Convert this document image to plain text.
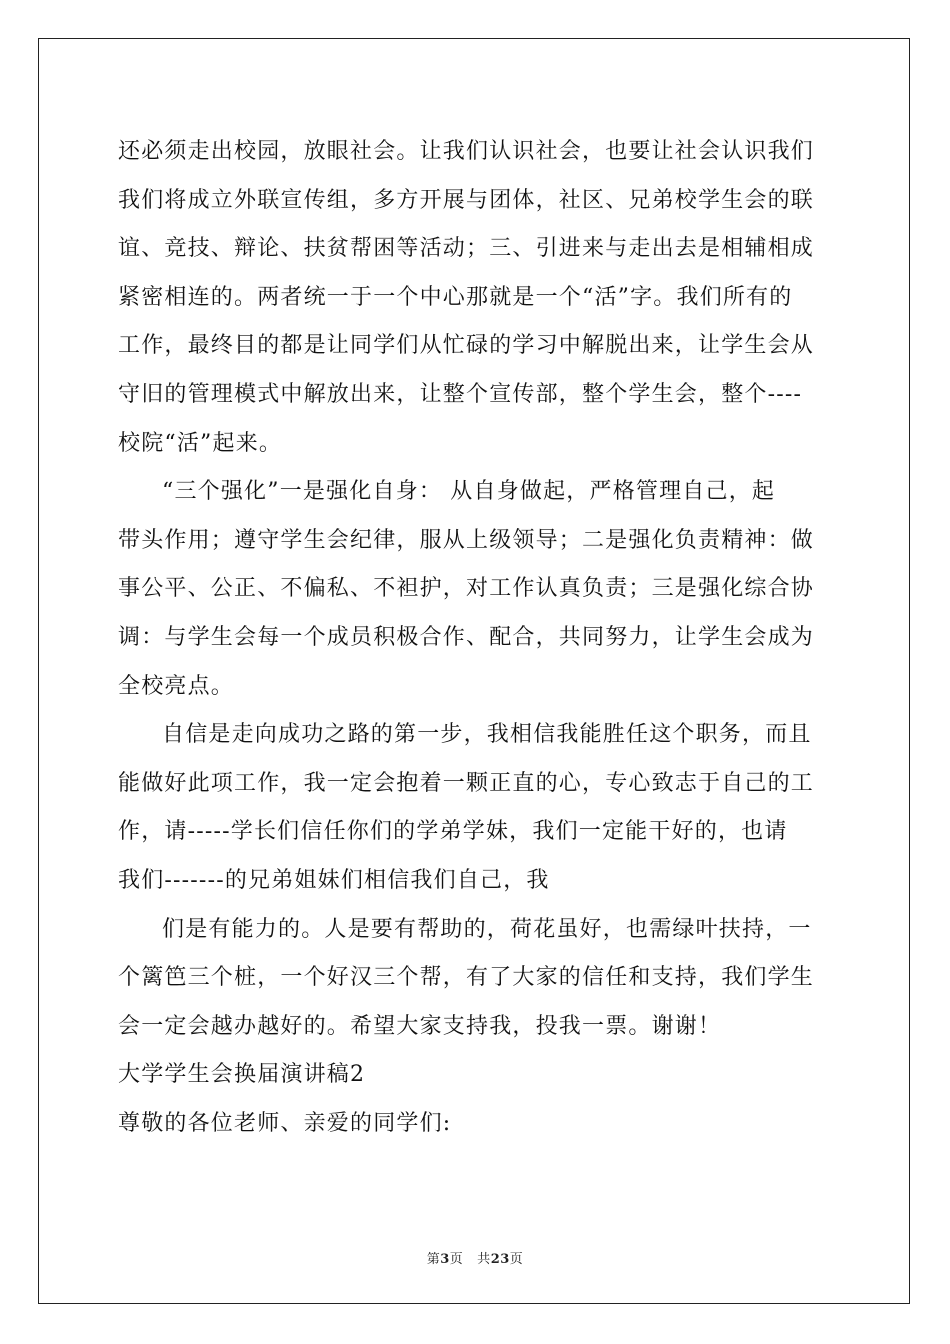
还必须走出校园，放眼社会。让我们认识社会，也要让社会认识我们
我们将成立外联宣传组，多方开展与团体，社区、兄弟校学生会的联
谊、竞技、辩论、扶贫帮困等活动；三、引进来与走出去是相辅相成
紧密相连的。两者统一于一个中心那就是一个“活”字。我们所有的
工作，最终目的都是让同学们从忙碌的学习中解脱出来，让学生会从
守旧的管理模式中解放出来，让整个宣传部，整个学生会，整个----
校院“活”起来。
“三个强化”一是强化自身： 从自身做起，严格管理自己，起
带头作用；遵守学生会纪律，服从上级领导；二是强化负责精神：做
事公平、公正、不偏私、不袒护，对工作认真负责；三是强化综合协
调：与学生会每一个成员积极合作、配合，共同努力，让学生会成为
全校亮点。
自信是走向成功之路的第一步，我相信我能胜任这个职务，而且
能做好此项工作，我一定会抱着一颗正直的心，专心致志于自己的工
作，请-----学长们信任你们的学弟学妹，我们一定能干好的，也请
我们-------的兄弟姐妹们相信我们自己，我
们是有能力的。人是要有帮助的，荷花虽好，也需绿叶扶持，一
个篱笆三个桩，一个好汉三个帮，有了大家的信任和支持，我们学生
会一定会越办越好的。希望大家支持我，投我一票。谢谢！
大学学生会换届演讲稿2
尊敬的各位老师、亲爱的同学们:
第3页 共23页
